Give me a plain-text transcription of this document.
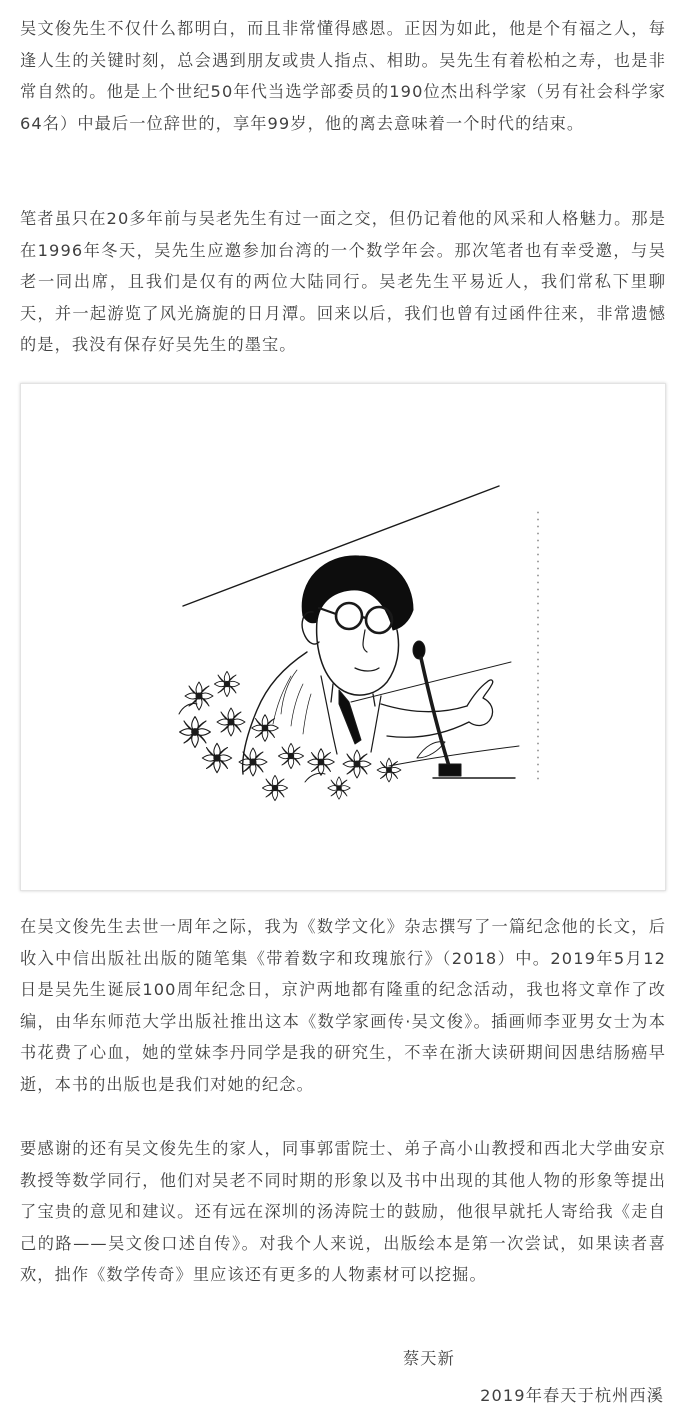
吴文俊先生不仅什么都明白，而且非常懂得感恩。正因为如此，他是个有福之人，每逢人生的关键时刻，总会遇到朋友或贵人指点、相助。吴先生有着松柏之寿，也是非常自然的。他是上个世纪50年代当选学部委员的190位杰出科学家（另有社会科学家64名）中最后一位辞世的，享年99岁，他的离去意味着一个时代的结束。

笔者虽只在20多年前与吴老先生有过一面之交，但仍记着他的风采和人格魅力。那是在1996年冬天，吴先生应邀参加台湾的一个数学年会。那次笔者也有幸受邀，与吴老一同出席，且我们是仅有的两位大陆同行。吴老先生平易近人，我们常私下里聊天，并一起游览了风光旖旎的日月潭。回来以后，我们也曾有过函件往来，非常遗憾的是，我没有保存好吴先生的墨宝。

在吴文俊先生去世一周年之际，我为《数学文化》杂志撰写了一篇纪念他的长文，后收入中信出版社出版的随笔集《带着数字和玫瑰旅行》（2018）中。2019年5月12日是吴先生诞辰100周年纪念日，京沪两地都有隆重的纪念活动，我也将文章作了改编，由华东师范大学出版社推出这本《数学家画传·吴文俊》。插画师李亚男女士为本书花费了心血，她的堂妹李丹同学是我的研究生，不幸在浙大读研期间因患结肠癌早逝，本书的出版也是我们对她的纪念。

要感谢的还有吴文俊先生的家人，同事郭雷院士、弟子高小山教授和西北大学曲安京教授等数学同行，他们对吴老不同时期的形象以及书中出现的其他人物的形象等提出了宝贵的意见和建议。还有远在深圳的汤涛院士的鼓励，他很早就托人寄给我《走自己的路——吴文俊口述自传》。对我个人来说，出版绘本是第一次尝试，如果读者喜欢，拙作《数学传奇》里应该还有更多的人物素材可以挖掘。

蔡天新

2019年春天于杭州西溪
